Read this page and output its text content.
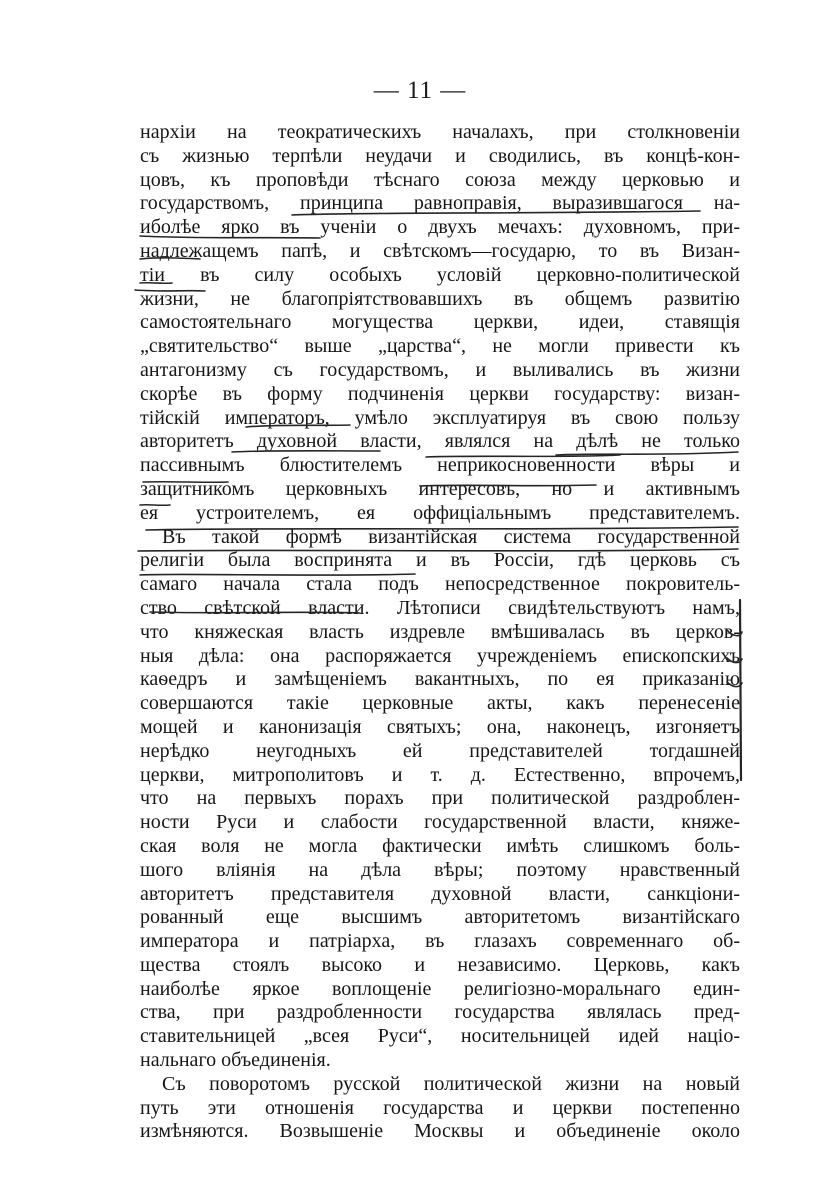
— 11 —
нархіи на теократическихъ началахъ, при столкновеніи
съ жизнью терпѣли неудачи и сводились, въ концѣ-кон-
цовъ, къ проповѣди тѣснаго союза между церковью и
государствомъ, принципа равноправія, выразившагося на-
иболѣе ярко въ ученіи о двухъ мечахъ: духовномъ, при-
надлежащемъ папѣ, и свѣтскомъ—государю, то въ Визан-
тіи въ силу особыхъ условій церковно-политической
жизни, не благопріятствовавшихъ въ общемъ развитію
самостоятельнаго могущества церкви, идеи, ставящія
„святительство“ выше „царства“, не могли привести къ
антагонизму съ государствомъ, и выливались въ жизни
скорѣе въ форму подчиненія церкви государству: визан-
тійскій императоръ, умѣло эксплуатируя въ свою пользу
авторитетъ духовной власти, являлся на дѣлѣ не только
пассивнымъ блюстителемъ неприкосновенности вѣры и
защитникомъ церковныхъ интересовъ, но и активнымъ
ея устроителемъ, ея оффиціальнымъ представителемъ.
Въ такой формѣ византійская система государственной
религіи была воспринята и въ Россіи, гдѣ церковь съ
самаго начала стала подъ непосредственное покровитель-
ство свѣтской власти. Лѣтописи свидѣтельствуютъ намъ,
что княжеская власть издревле вмѣшивалась въ церков-
ныя дѣла: она распоряжается учрежденіемъ епископскихъ
каѳедръ и замѣщеніемъ вакантныхъ, по ея приказанію
совершаются такіе церковные акты, какъ перенесеніе
мощей и канонизація святыхъ; она, наконецъ, изгоняетъ
нерѣдко неугодныхъ ей представителей тогдашней
церкви, митрополитовъ и т. д. Естественно, впрочемъ,
что на первыхъ порахъ при политической раздроблен-
ности Руси и слабости государственной власти, княже-
ская воля не могла фактически имѣть слишкомъ боль-
шого вліянія на дѣла вѣры; поэтому нравственный
авторитетъ представителя духовной власти, санкціони-
рованный еще высшимъ авторитетомъ византійскаго
императора и патріарха, въ глазахъ современнаго об-
щества стоялъ высоко и независимо. Церковь, какъ
наиболѣе яркое воплощеніе религіозно-моральнаго един-
ства, при раздробленности государства являлась пред-
ставительницей „всея Руси“, носительницей идей націо-
нальнаго объединенія.
Съ поворотомъ русской политической жизни на новый
путь эти отношенія государства и церкви постепенно
измѣняются. Возвышеніе Москвы и объединеніе около
